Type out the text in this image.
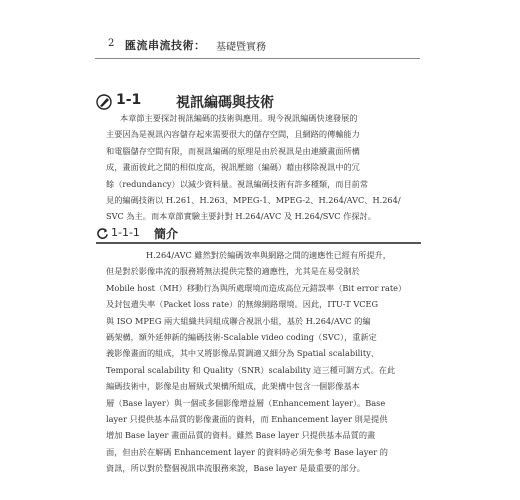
2 匯流串流技術： 基礎暨實務
1-1 視訊編碼與技術
本章節主要探討視訊編碼的技術與應用。現今視訊編碼快速發展的
主要因為是視訊內容儲存起來需要很大的儲存空間，且網路的傳輸能力
和電腦儲存空間有限，而視訊編碼的原理是由於視訊是由連續畫面所構
成，畫面彼此之間的相似度高，視訊壓縮（編碼）藉由移除視訊中的冗
餘（redundancy）以減少資料量。視訊編碼技術有許多種類，而目前常
見的編碼技術以 H.261、H.263、MPEG-1、MPEG-2、H.264/AVC、H.264/
SVC 為主。而本章節實驗主要針對 H.264/AVC 及 H.264/SVC 作探討。
1-1-1 簡介
H.264/AVC 雖然對於編碼效率與網路之間的適應性已經有所提升，
但是對於影像串流的服務將無法提供完整的適應性，尤其是在易受制於
Mobile host（MH）移動行為與所處環境而造成高位元錯誤率（Bit error rate）
及封包遺失率（Packet loss rate）的無線網路環境。因此，ITU-T VCEG
與 ISO MPEG 兩大組織共同組成聯合視訊小組，基於 H.264/AVC 的編
碼架構，額外延伸新的編碼技術-Scalable video coding（SVC），重新定
義影像畫面的組成，其中又將影像品質調適又細分為 Spatial scalability、
Temporal scalability 和 Quality（SNR）scalability 這三種可調方式。在此
編碼技術中，影像是由層級式架構所組成，此架構中包含一個影像基本
層（Base layer）與一個或多個影像增益層（Enhancement layer）。Base
layer 只提供基本品質的影像畫面的資料，而 Enhancement layer 則是提供
增加 Base layer 畫面品質的資料。雖然 Base layer 只提供基本品質的畫
面，但由於在解碼 Enhancement layer 的資料時必須先參考 Base layer 的
資訊，所以對於整個視訊串流服務來說，Base layer 是最重要的部分。
